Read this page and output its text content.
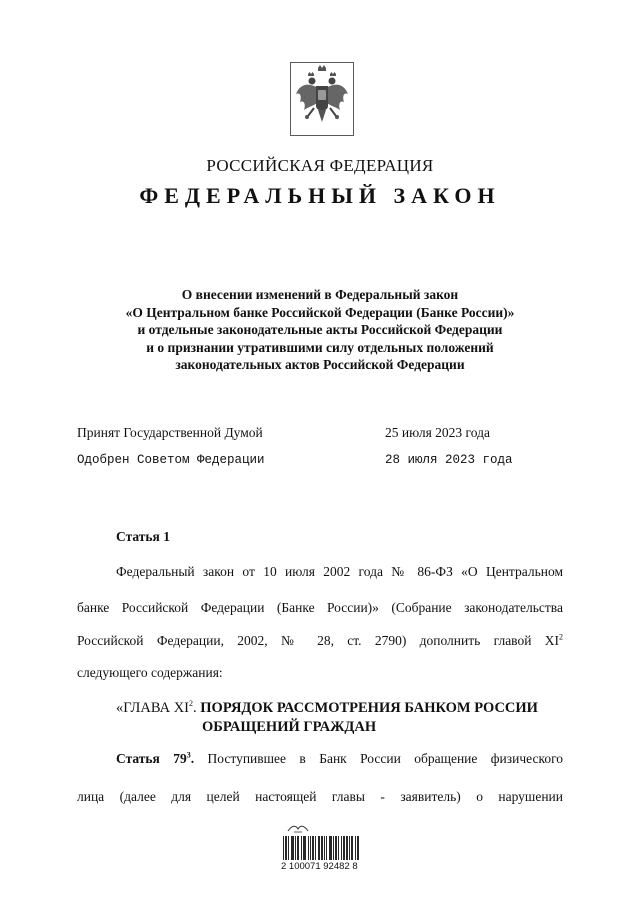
РОССИЙСКАЯ ФЕДЕРАЦИЯ
ФЕДЕРАЛЬНЫЙ ЗАКОН
О внесении изменений в Федеральный закон
«О Центральном банке Российской Федерации (Банке России)»
и отдельные законодательные акты Российской Федерации
и о признании утратившими силу отдельных положений
законодательных актов Российской Федерации
Принят Государственной Думой	25 июля 2023 года
Одобрен Советом Федерации	28 июля 2023 года
Статья 1
Федеральный закон от 10 июля 2002 года № 86-ФЗ «О Центральном
банке Российской Федерации (Банке России)» (Собрание законодательства
Российской Федерации, 2002, № 28, ст. 2790) дополнить главой $XI^2$
следующего содержания:
«ГЛАВА $XI^2$. ПОРЯДОК РАССМОТРЕНИЯ БАНКОМ РОССИИ
ОБРАЩЕНИЙ ГРАЖДАН
Статья $79^3$. Поступившее в Банк России обращение физического
лица (далее для целей настоящей главы - заявитель) о нарушении
2 100071 92482 8
